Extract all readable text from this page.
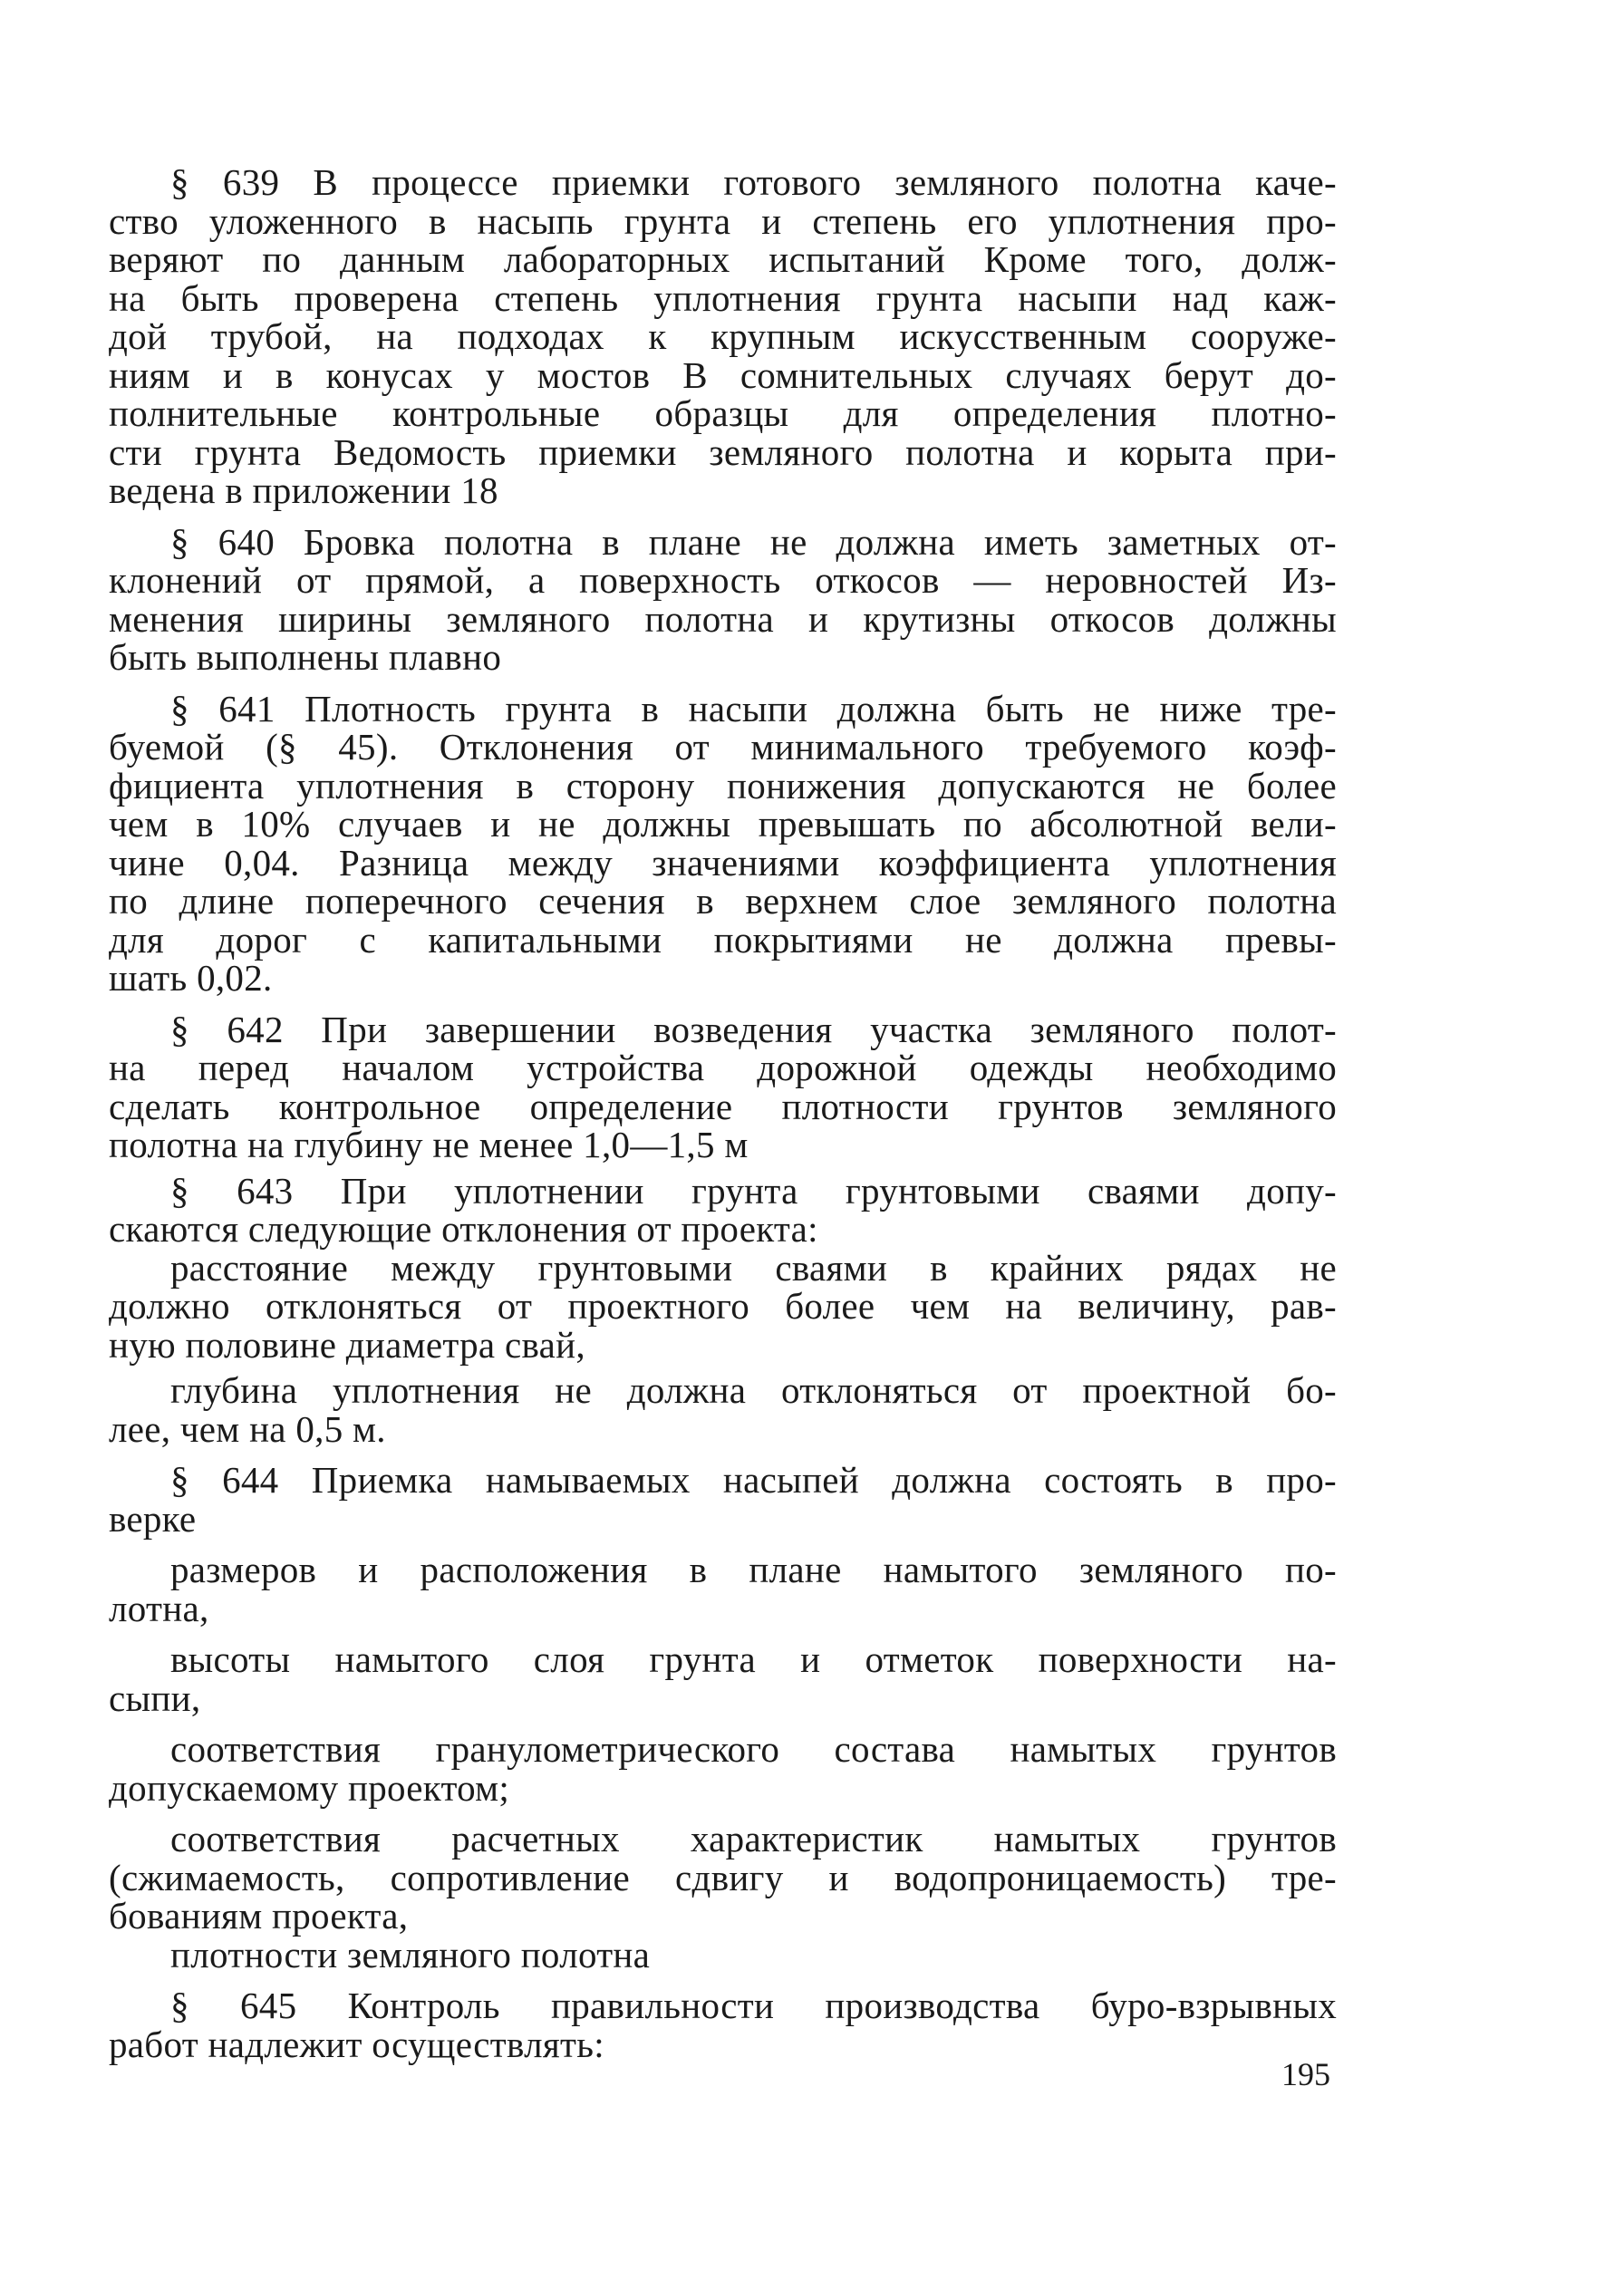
§ 639 В процессе приемки готового земляного полотна каче-
ство уложенного в насыпь грунта и степень его уплотнения про-
веряют по данным лабораторных испытаний Кроме того, долж-
на быть проверена степень уплотнения грунта насыпи над каж-
дой трубой, на подходах к крупным искусственным сооруже-
ниям и в конусах у мостов В сомнительных случаях берут до-
полнительные контрольные образцы для определения плотно-
сти грунта Ведомость приемки земляного полотна и корыта при-
ведена в приложении 18
§ 640 Бровка полотна в плане не должна иметь заметных от-
клонений от прямой, а поверхность откосов — неровностей Из-
менения ширины земляного полотна и крутизны откосов должны
быть выполнены плавно
§ 641 Плотность грунта в насыпи должна быть не ниже тре-
буемой (§ 45). Отклонения от минимального требуемого коэф-
фициента уплотнения в сторону понижения допускаются не более
чем в 10% случаев и не должны превышать по абсолютной вели-
чине 0,04. Разница между значениями коэффициента уплотнения
по длине поперечного сечения в верхнем слое земляного полотна
для дорог с капитальными покрытиями не должна превы-
шать 0,02.
§ 642 При завершении возведения участка земляного полот-
на перед началом устройства дорожной одежды необходимо
сделать контрольное определение плотности грунтов земляного
полотна на глубину не менее 1,0—1,5 м
§ 643 При уплотнении грунта грунтовыми сваями допу-
скаются следующие отклонения от проекта:
расстояние между грунтовыми сваями в крайних рядах не
должно отклоняться от проектного более чем на величину, рав-
ную половине диаметра свай,
глубина уплотнения не должна отклоняться от проектной бо-
лее, чем на 0,5 м.
§ 644 Приемка намываемых насыпей должна состоять в про-
верке
размеров и расположения в плане намытого земляного по-
лотна,
высоты намытого слоя грунта и отметок поверхности на-
сыпи,
соответствия гранулометрического состава намытых грунтов
допускаемому проектом;
соответствия расчетных характеристик намытых грунтов
(сжимаемость, сопротивление сдвигу и водопроницаемость) тре-
бованиям проекта,
плотности земляного полотна
§ 645 Контроль правильности производства буро-взрывных
работ надлежит осуществлять:
195
